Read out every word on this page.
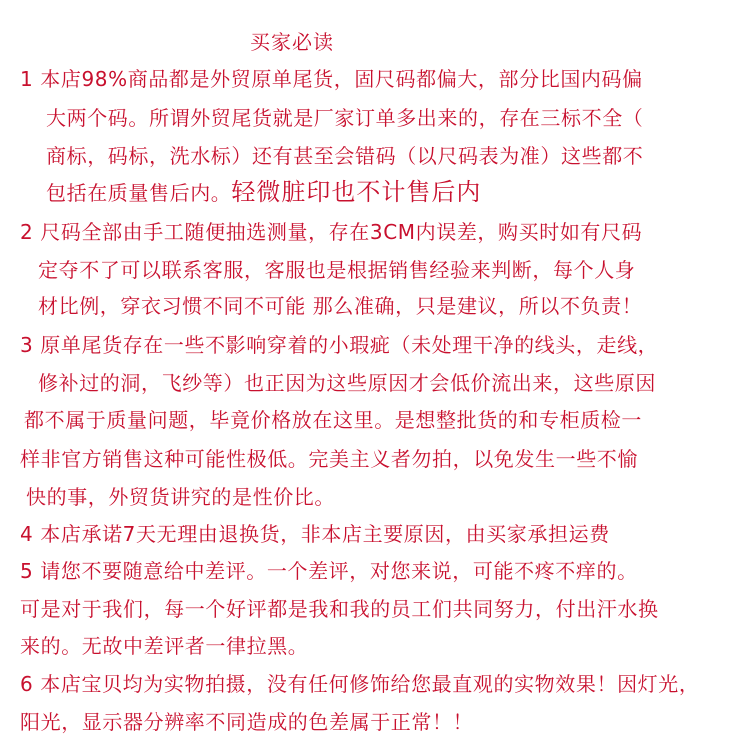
买家必读
1 本店98%商品都是外贸原单尾货，固尺码都偏大，部分比国内码偏
大两个码。所谓外贸尾货就是厂家订单多出来的，存在三标不全（
商标，码标，洗水标）还有甚至会错码（以尺码表为准）这些都不
包括在质量售后内。轻微脏印也不计售后内
2 尺码全部由手工随便抽选测量，存在3CM内误差，购买时如有尺码
定夺不了可以联系客服，客服也是根据销售经验来判断，每个人身
材比例，穿衣习惯不同不可能 那么准确，只是建议，所以不负责！
3 原单尾货存在一些不影响穿着的小瑕疵（未处理干净的线头，走线，
修补过的洞，飞纱等）也正因为这些原因才会低价流出来，这些原因
都不属于质量问题，毕竟价格放在这里。是想整批货的和专柜质检一
样非官方销售这种可能性极低。完美主义者勿拍，以免发生一些不愉
快的事，外贸货讲究的是性价比。
4 本店承诺7天无理由退换货，非本店主要原因，由买家承担运费
5 请您不要随意给中差评。一个差评，对您来说，可能不疼不痒的。
可是对于我们，每一个好评都是我和我的员工们共同努力，付出汗水换
来的。无故中差评者一律拉黑。
6 本店宝贝均为实物拍摄，没有任何修饰给您最直观的实物效果！因灯光，
阳光，显示器分辨率不同造成的色差属于正常！！
